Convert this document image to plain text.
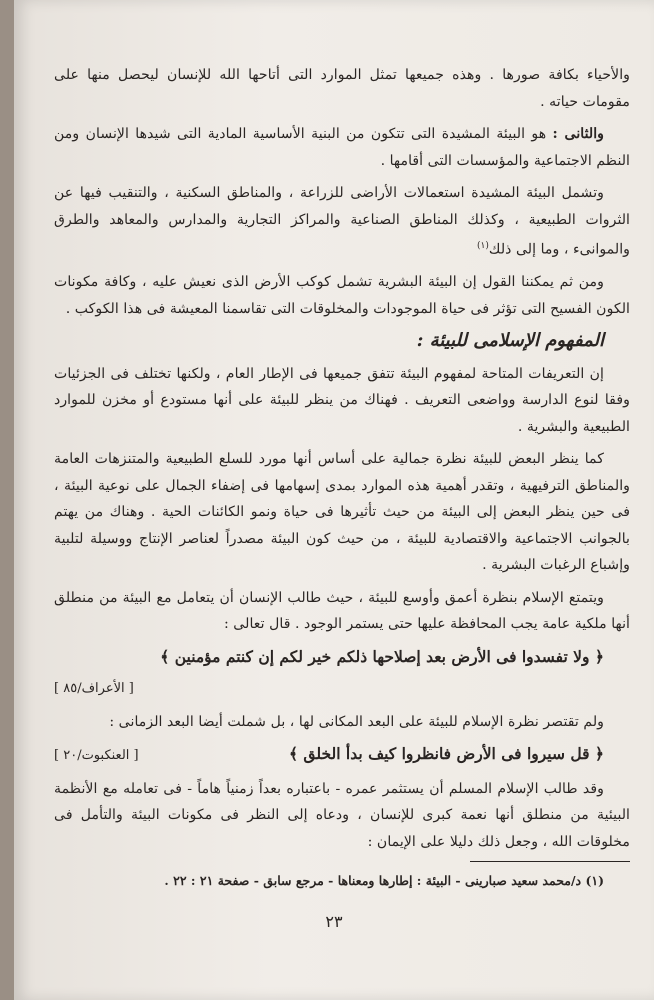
والأحياء بكافة صورها . وهذه جميعها تمثل الموارد التى أتاحها الله للإنسان ليحصل منها على مقومات حياته .

والثانى : هو البيئة المشيدة التى تتكون من البنية الأساسية المادية التى شيدها الإنسان ومن النظم الاجتماعية والمؤسسات التى أقامها .

وتشمل البيئة المشيدة استعمالات الأراضى للزراعة ، والمناطق السكنية ، والتنقيب فيها عن الثروات الطبيعية ، وكذلك المناطق الصناعية والمراكز التجارية والمدارس والمعاهد والطرق والموانىء ، وما إلى ذلك$^{(١)}$

ومن ثم يمكننا القول إن البيئة البشرية تشمل كوكب الأرض الذى نعيش عليه ، وكافة مكونات الكون الفسيح التى تؤثر فى حياة الموجودات والمخلوقات التى تقاسمنا المعيشة فى هذا الكوكب .

المفهوم الإسلامى للبيئة :

إن التعريفات المتاحة لمفهوم البيئة تتفق جميعها فى الإطار العام ، ولكنها تختلف فى الجزئيات وفقا لنوع الدارسة وواضعى التعريف . فهناك من ينظر للبيئة على أنها مستودع أو مخزن للموارد الطبيعية والبشرية .

كما ينظر البعض للبيئة نظرة جمالية على أساس أنها مورد للسلع الطبيعية والمتنزهات العامة والمناطق الترفيهية ، وتقدر أهمية هذه الموارد بمدى إسهامها فى إضفاء الجمال على نوعية البيئة ، فى حين ينظر البعض إلى البيئة من حيث تأثيرها فى حياة ونمو الكائنات الحية . وهناك من يهتم بالجوانب الاجتماعية والاقتصادية للبيئة ، من حيث كون البيئة مصدراً لعناصر الإنتاج ووسيلة لتلبية وإشباع الرغبات البشرية .

ويتمتع الإسلام بنظرة أعمق وأوسع للبيئة ، حيث طالب الإنسان أن يتعامل مع البيئة من منطلق أنها ملكية عامة يجب المحافظة عليها حتى يستمر الوجود . قال تعالى :

﴿ ولا تفسدوا فى الأرض بعد إصلاحها ذلكم خير لكم إن كنتم مؤمنين ﴾

[ الأعراف/٨٥ ]

ولم تقتصر نظرة الإسلام للبيئة على البعد المكانى لها ، بل شملت أيضا البعد الزمانى :

﴿ قل سيروا فى الأرض فانظروا كيف بدأ الخلق ﴾

[ العنكبوت/٢٠ ]

وقد طالب الإسلام المسلم أن يستثمر عمره - باعتباره بعداً زمنياً هاماً - فى تعامله مع الأنظمة البيئية من منطلق أنها نعمة كبرى للإنسان ، ودعاه إلى النظر فى مكونات البيئة والتأمل فى مخلوقات الله ، وجعل ذلك دليلا على الإيمان :

(١) د/محمد سعيد صبارينى - البيئة : إطارها ومعناها - مرجع سابق - صفحة ٢١ : ٢٢ .

٢٣
